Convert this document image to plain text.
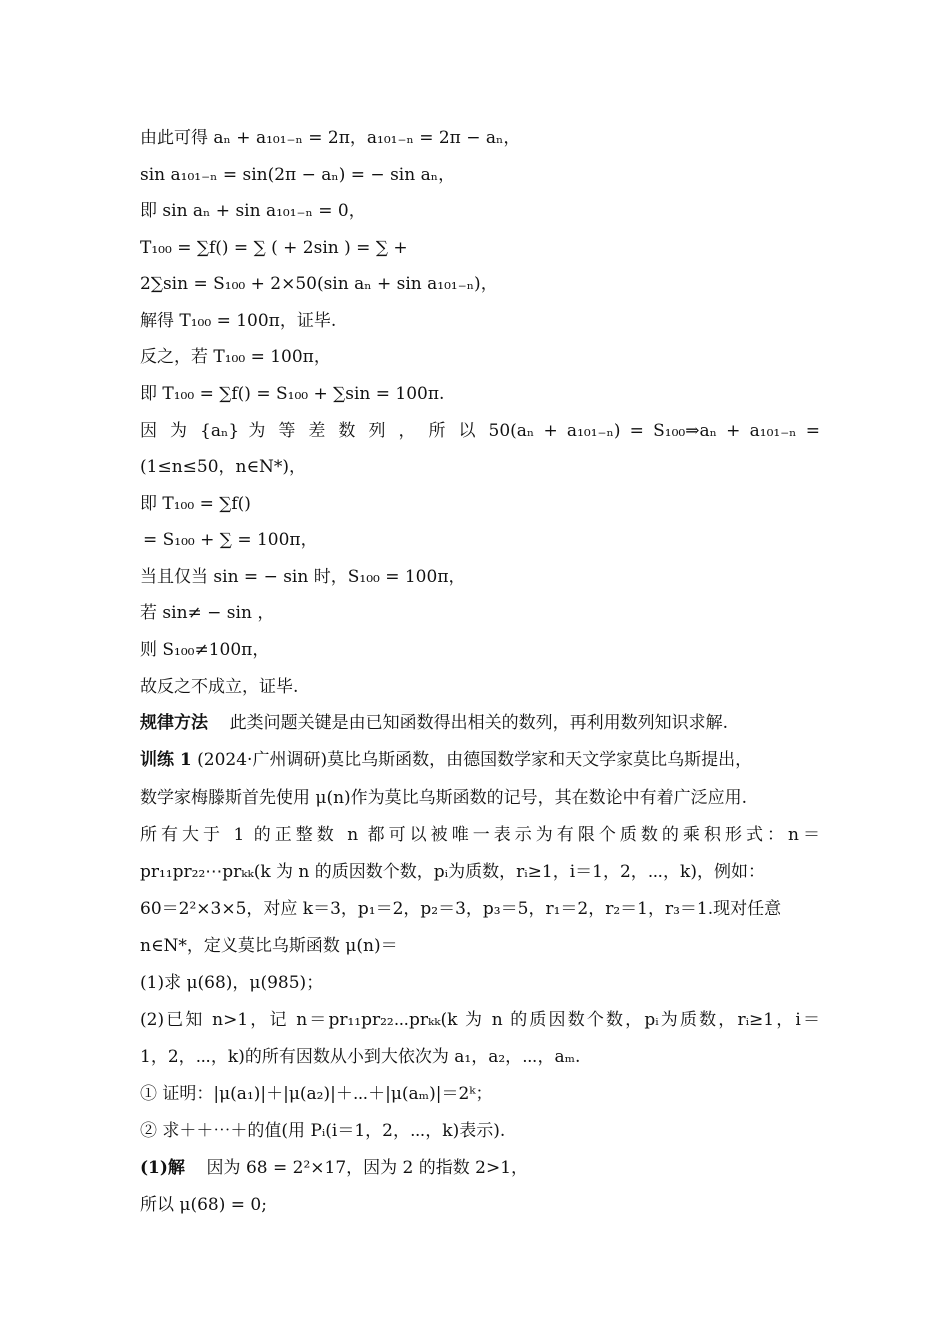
由此可得 aₙ + a₁₀₁₋ₙ = 2π，a₁₀₁₋ₙ = 2π − aₙ，
sin a₁₀₁₋ₙ = sin(2π − aₙ) = − sin aₙ，
即 sin aₙ + sin a₁₀₁₋ₙ = 0，
T₁₀₀ = ∑f() = ∑ ( + 2sin ) = ∑ +
2∑sin = S₁₀₀ + 2×50(sin aₙ + sin a₁₀₁₋ₙ)，
解得 T₁₀₀ = 100π，证毕.
反之，若 T₁₀₀ = 100π，
即 T₁₀₀ = ∑f() = S₁₀₀ + ∑sin = 100π.
因 为 {aₙ} 为 等 差 数 列 ， 所 以 50(aₙ + a₁₀₁₋ₙ) = S₁₀₀⇒aₙ + a₁₀₁₋ₙ =
(1≤n≤50，n∈N*)，
即 T₁₀₀ = ∑f()
= S₁₀₀ + ∑ = 100π，
当且仅当 sin = − sin 时，S₁₀₀ = 100π，
若 sin≠ − sin ，
则 S₁₀₀≠100π，
故反之不成立，证毕.
规律方法 此类问题关键是由已知函数得出相关的数列，再利用数列知识求解.
训练 1 (2024·广州调研)莫比乌斯函数，由德国数学家和天文学家莫比乌斯提出，
数学家梅滕斯首先使用 μ(n)作为莫比乌斯函数的记号，其在数论中有着广泛应用.
所有大于 1 的正整数 n 都可以被唯一表示为有限个质数的乘积形式：n＝
pr₁₁pr₂₂⋯prₖₖ(k 为 n 的质因数个数，pᵢ为质数，rᵢ≥1，i＝1，2，⋯，k)，例如：
60＝2²×3×5，对应 k＝3，p₁＝2，p₂＝3，p₃＝5，r₁＝2，r₂＝1，r₃＝1.现对任意
n∈N*，定义莫比乌斯函数 μ(n)＝
(1)求 μ(68)，μ(985)；
(2)已知 n>1，记 n＝pr₁₁pr₂₂⋯prₖₖ(k 为 n 的质因数个数，pᵢ为质数，rᵢ≥1，i＝
1，2，⋯，k)的所有因数从小到大依次为 a₁，a₂，⋯，aₘ.
① 证明：|μ(a₁)|＋|μ(a₂)|＋⋯＋|μ(aₘ)|＝2ᵏ；
② 求＋＋⋯＋的值(用 Pᵢ(i＝1，2，⋯，k)表示).
(1)解 因为 68 = 2²×17，因为 2 的指数 2>1，
所以 μ(68) = 0;
